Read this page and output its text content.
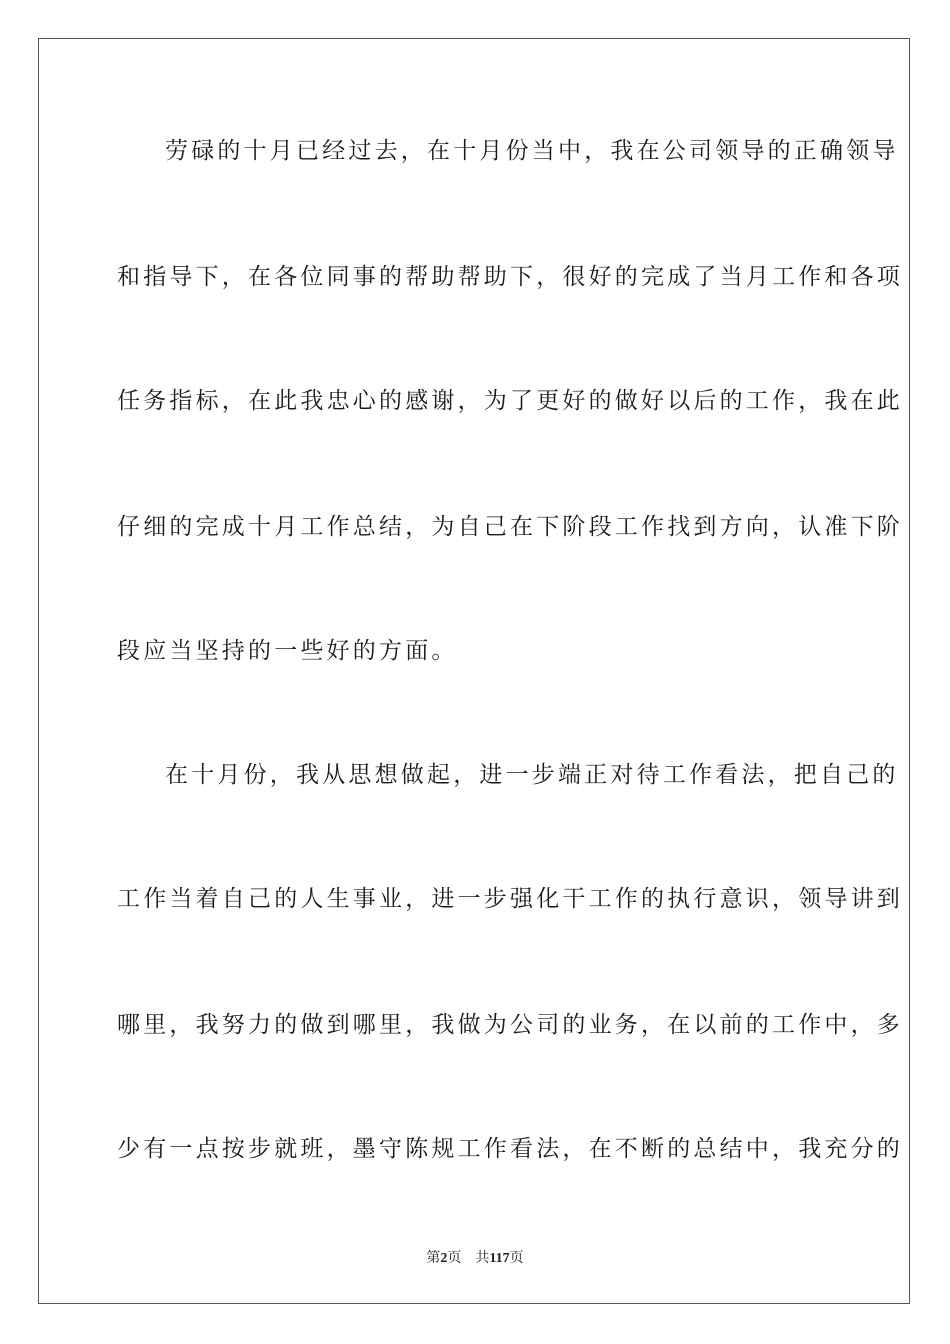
劳碌的十月已经过去，在十月份当中，我在公司领导的正确领导
和指导下，在各位同事的帮助帮助下，很好的完成了当月工作和各项
任务指标，在此我忠心的感谢，为了更好的做好以后的工作，我在此
仔细的完成十月工作总结，为自己在下阶段工作找到方向，认准下阶
段应当坚持的一些好的方面。
在十月份，我从思想做起，进一步端正对待工作看法，把自己的
工作当着自己的人生事业，进一步强化干工作的执行意识，领导讲到
哪里，我努力的做到哪里，我做为公司的业务，在以前的工作中，多
少有一点按步就班，墨守陈规工作看法，在不断的总结中，我充分的
第2页 共117页
